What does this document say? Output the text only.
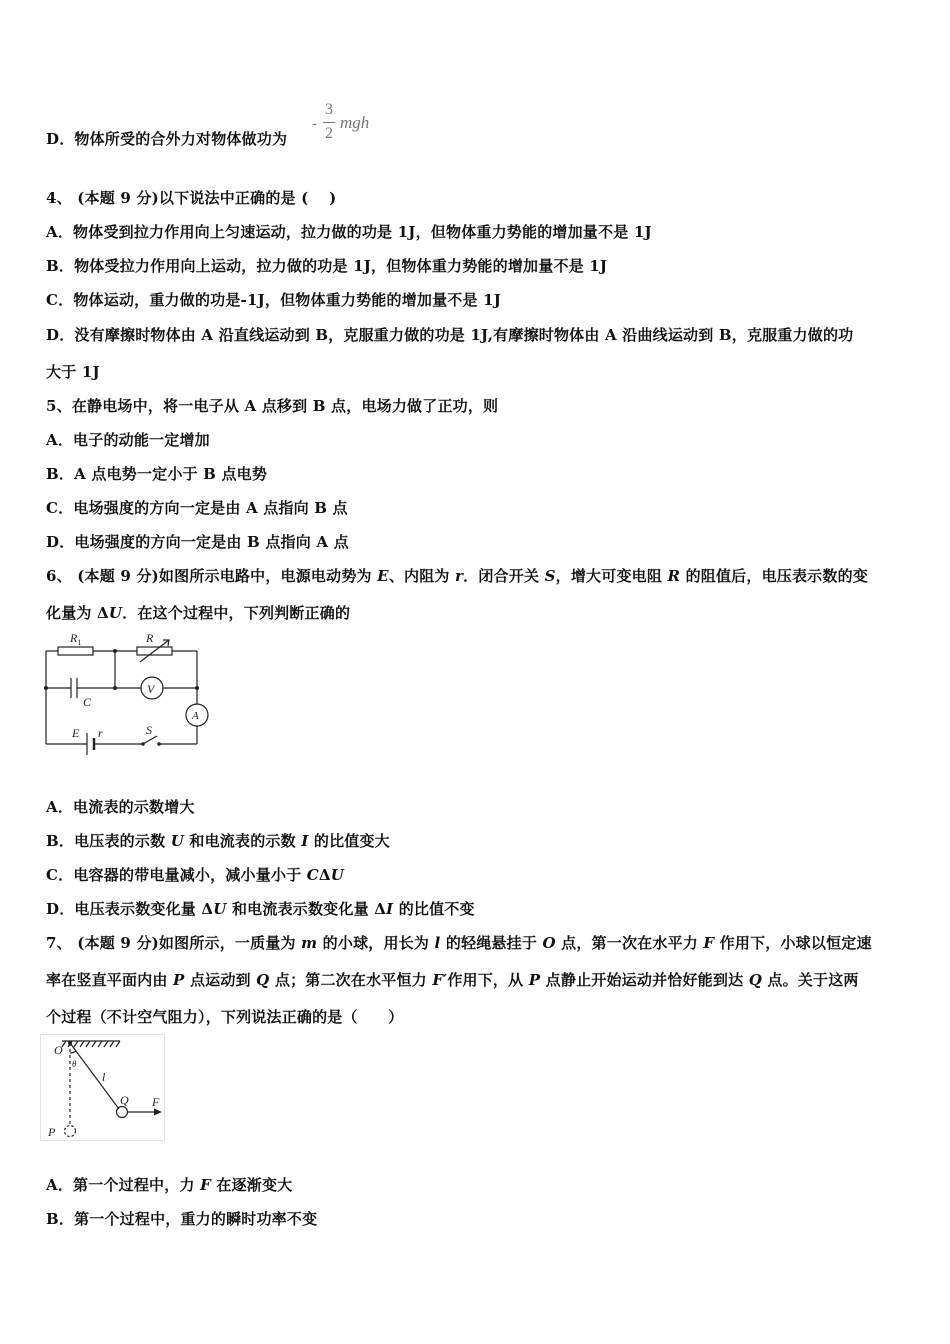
D．物体所受的合外力对物体做功为
-
3
2
mgh
4、 (本题 9 分)以下说法中正确的是 (　 )
A．物体受到拉力作用向上匀速运动，拉力做的功是 1J，但物体重力势能的增加量不是 1J
B．物体受拉力作用向上运动，拉力做的功是 1J，但物体重力势能的增加量不是 1J
C．物体运动，重力做的功是-1J，但物体重力势能的增加量不是 1J
D．没有摩擦时物体由 A 沿直线运动到 B，克服重力做的功是 1J,有摩擦时物体由 A 沿曲线运动到 B，克服重力做的功
大于 1J
5、在静电场中，将一电子从 A 点移到 B 点，电场力做了正功，则
A．电子的动能一定增加
B．A 点电势一定小于 B 点电势
C．电场强度的方向一定是由 A 点指向 B 点
D．电场强度的方向一定是由 B 点指向 A 点
6、 (本题 9 分)如图所示电路中，电源电动势为 E、内阻为 r．闭合开关 S，增大可变电阻 R 的阻值后，电压表示数的变
化量为 ΔU．在这个过程中，下列判断正确的
$R_1$	R
C
V
A
E r	S
A．电流表的示数增大
B．电压表的示数 U 和电流表的示数 I 的比值变大
C．电容器的带电量减小，减小量小于 CΔU
D．电压表示数变化量 ΔU 和电流表示数变化量 ΔI 的比值不变
7、 (本题 9 分)如图所示，一质量为 m 的小球，用长为 l 的轻绳悬挂于 O 点，第一次在水平力 F 作用下，小球以恒定速
率在竖直平面内由 P 点运动到 Q 点；第二次在水平恒力 F′作用下，从 P 点静止开始运动并恰好能到达 Q 点。关于这两
个过程（不计空气阻力），下列说法正确的是（　　）
O
θ
l
Q F
P
A．第一个过程中，力 F 在逐渐变大
B．第一个过程中，重力的瞬时功率不变
